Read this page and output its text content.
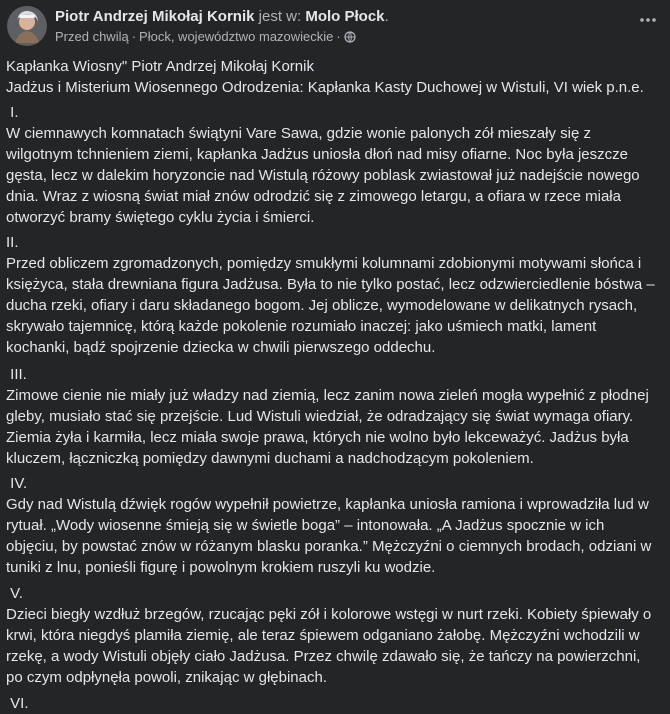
Piotr Andrzej Mikołaj Kornik jest w: Molo Płock.
Przed chwilą · Płock, województwo mazowieckie ·

Kapłanka Wiosny" Piotr Andrzej Mikołaj Kornik

Jadżus i Misterium Wiosennego Odrodzenia: Kapłanka Kasty Duchowej w Wistuli, VI wiek p.n.e.

I.

W ciemnawych komnatach świątyni Vare Sawa, gdzie wonie palonych zół mieszały się z wilgotnym tchnieniem ziemi, kapłanka Jadżus uniosła dłoń nad misy ofiarne. Noc była jeszcze gęsta, lecz w dalekim horyzoncie nad Wistulą różowy poblask zwiastował już nadejście nowego dnia. Wraz z wiosną świat miał znów odrodzić się z zimowego letargu, a ofiara w rzece miała otworzyć bramy świętego cyklu życia i śmierci.

II.

Przed obliczem zgromadzonych, pomiędzy smukłymi kolumnami zdobionymi motywami słońca i księżyca, stała drewniana figura Jadżusa. Była to nie tylko postać, lecz odzwierciedlenie bóstwa – ducha rzeki, ofiary i daru składanego bogom. Jej oblicze, wymodelowane w delikatnych rysach, skrywało tajemnicę, którą każde pokolenie rozumiało inaczej: jako uśmiech matki, lament kochanki, bądź spojrzenie dziecka w chwili pierwszego oddechu.

III.

Zimowe cienie nie miały już władzy nad ziemią, lecz zanim nowa zieleń mogła wypełnić z płodnej gleby, musiało stać się przejście. Lud Wistuli wiedział, że odradzający się świat wymaga ofiary. Ziemia żyła i karmiła, lecz miała swoje prawa, których nie wolno było lekceważyć. Jadżus była kluczem, łączniczką pomiędzy dawnymi duchami a nadchodzącym pokoleniem.

IV.

Gdy nad Wistulą dźwięk rogów wypełnił powietrze, kapłanka uniosła ramiona i wprowadziła lud w rytuał. „Wody wiosenne śmieją się w świetle boga” – intonowała. „A Jadżus spocznie w ich objęciu, by powstać znów w różanym blasku poranka.” Mężczyźni o ciemnych brodach, odziani w tuniki z lnu, ponieśli figurę i powolnym krokiem ruszyli ku wodzie.

V.

Dzieci biegły wzdłuż brzegów, rzucając pęki zół i kolorowe wstęgi w nurt rzeki. Kobiety śpiewały o krwi, która niegdyś plamiła ziemię, ale teraz śpiewem odganiano żałobę. Mężczyźni wchodzili w rzekę, a wody Wistuli objęły ciało Jadżusa. Przez chwilę zdawało się, że tańczy na powierzchni, po czym odpłynęła powoli, znikając w głębinach.

VI.
